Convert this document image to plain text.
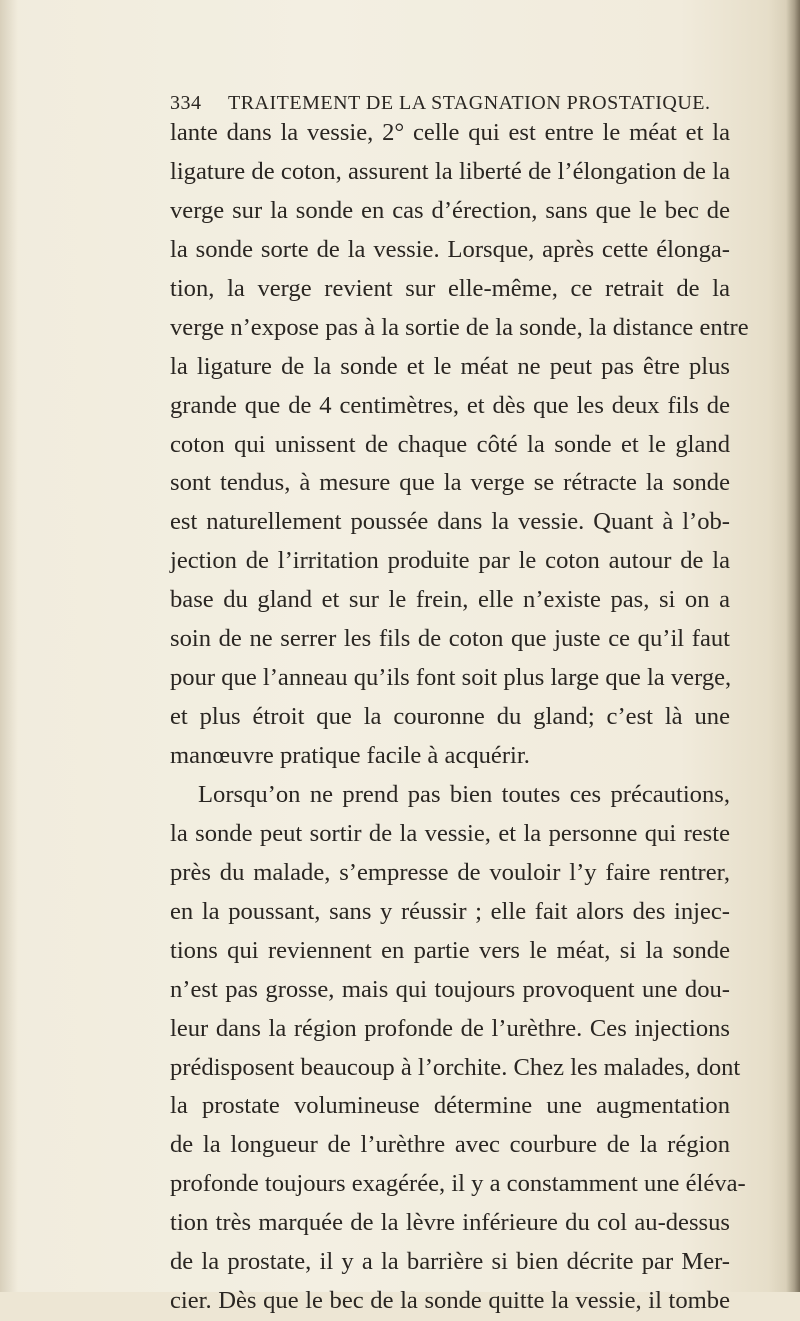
334 TRAITEMENT DE LA STAGNATION PROSTATIQUE.
lante dans la vessie, 2° celle qui est entre le méat et la
ligature de coton, assurent la liberté de l’élongation de la
verge sur la sonde en cas d’érection, sans que le bec de
la sonde sorte de la vessie. Lorsque, après cette élonga-
tion, la verge revient sur elle-même, ce retrait de la
verge n’expose pas à la sortie de la sonde, la distance entre
la ligature de la sonde et le méat ne peut pas être plus
grande que de 4 centimètres, et dès que les deux fils de
coton qui unissent de chaque côté la sonde et le gland
sont tendus, à mesure que la verge se rétracte la sonde
est naturellement poussée dans la vessie. Quant à l’ob-
jection de l’irritation produite par le coton autour de la
base du gland et sur le frein, elle n’existe pas, si on a
soin de ne serrer les fils de coton que juste ce qu’il faut
pour que l’anneau qu’ils font soit plus large que la verge,
et plus étroit que la couronne du gland; c’est là une
manœuvre pratique facile à acquérir.
Lorsqu’on ne prend pas bien toutes ces précautions,
la sonde peut sortir de la vessie, et la personne qui reste
près du malade, s’empresse de vouloir l’y faire rentrer,
en la poussant, sans y réussir ; elle fait alors des injec-
tions qui reviennent en partie vers le méat, si la sonde
n’est pas grosse, mais qui toujours provoquent une dou-
leur dans la région profonde de l’urèthre. Ces injections
prédisposent beaucoup à l’orchite. Chez les malades, dont
la prostate volumineuse détermine une augmentation
de la longueur de l’urèthre avec courbure de la région
profonde toujours exagérée, il y a constamment une éléva-
tion très marquée de la lèvre inférieure du col au-dessus
de la prostate, il y a la barrière si bien décrite par Mer-
cier. Dès que le bec de la sonde quitte la vessie, il tombe
